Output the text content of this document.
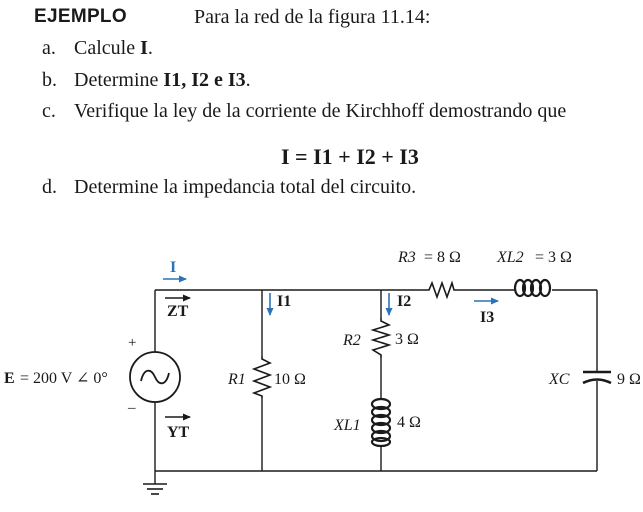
EJEMPLO	Para la red de la figura 11.14:
a. Calcule I.
b. Determine I1, I2 e I3.
c. Verifique la ley de la corriente de Kirchhoff demostrando que
I = I1 + I2 + I3
d. Determine la impedancia total del circuito.
+
–
E = 200 V ∠ 0°
I
I1	I2
I3
ZT
YT
R1 10 Ω
R2 3 Ω
R3 = 8 Ω
XL1 4 Ω
XL2 = 3 Ω
XC	9 Ω
